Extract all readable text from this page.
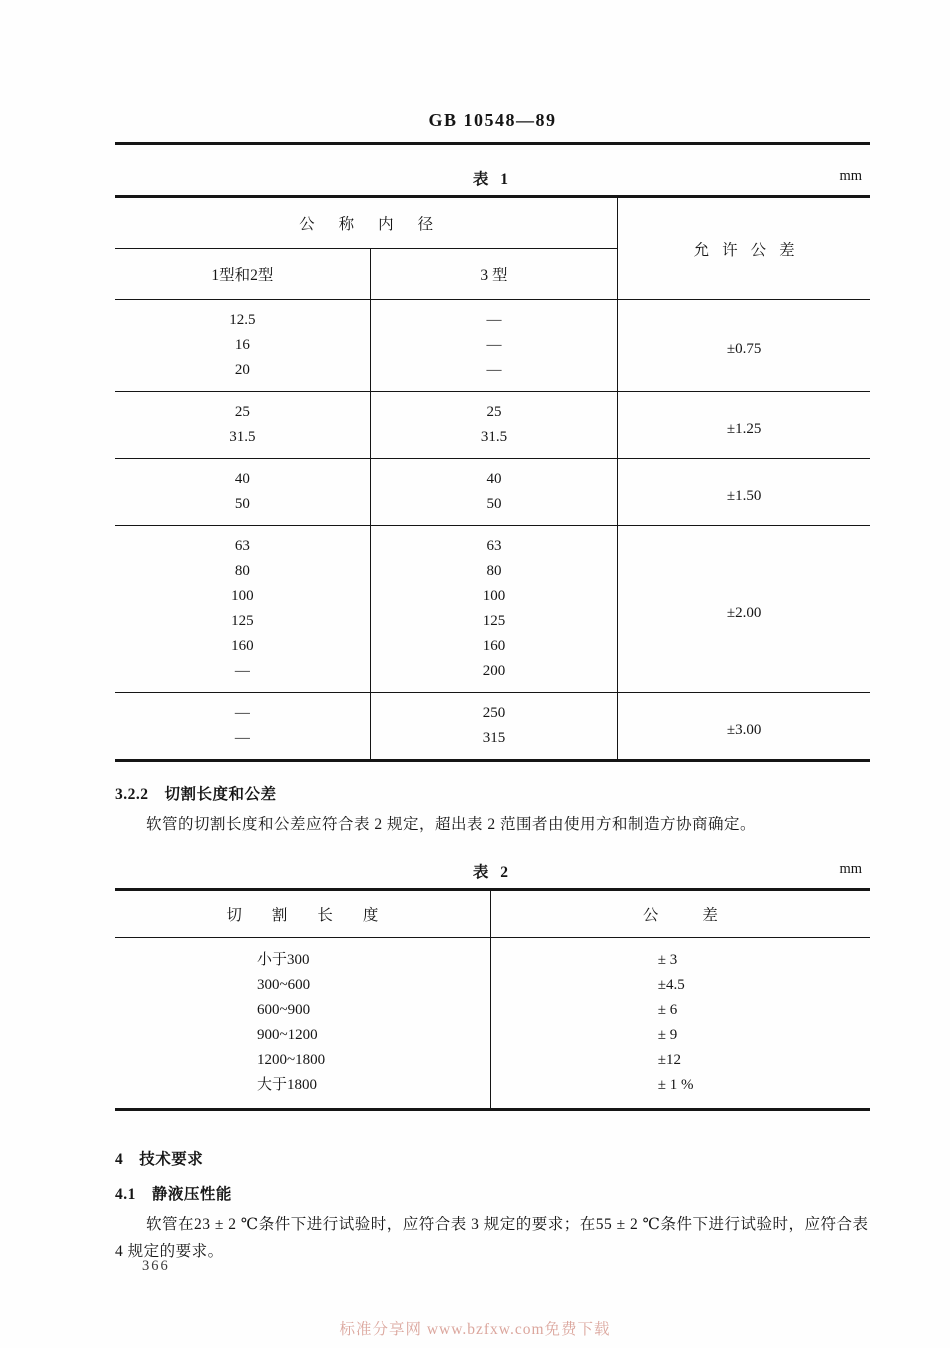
GB 10548—89
表 1	mm
公称内径		允许公差
1型和2型	3 型	
12.5	—	±0.75
16	—	
20	—	
25	25	±1.25
31.5	31.5	
40	40	±1.50
50	50	
63	63	±2.00
80	80	
100	100	
125	125	
160	160	
—	200	
—	250	±3.00
—	315	
3.2.2　切割长度和公差
软管的切割长度和公差应符合表 2 规定，超出表 2 范围者由使用方和制造方协商确定。
表 2	mm
切割长度	公差
小于300	± 3
300~600	±4.5
600~900	± 6
900~1200	± 9
1200~1800	±12
大于1800	± 1 %
4　技术要求
4.1　静液压性能
软管在23 ± 2 ℃条件下进行试验时，应符合表 3 规定的要求；在55 ± 2 ℃条件下进行试验时，应符合表 4 规定的要求。
366
标准分享网 www.bzfxw.com免费下载
